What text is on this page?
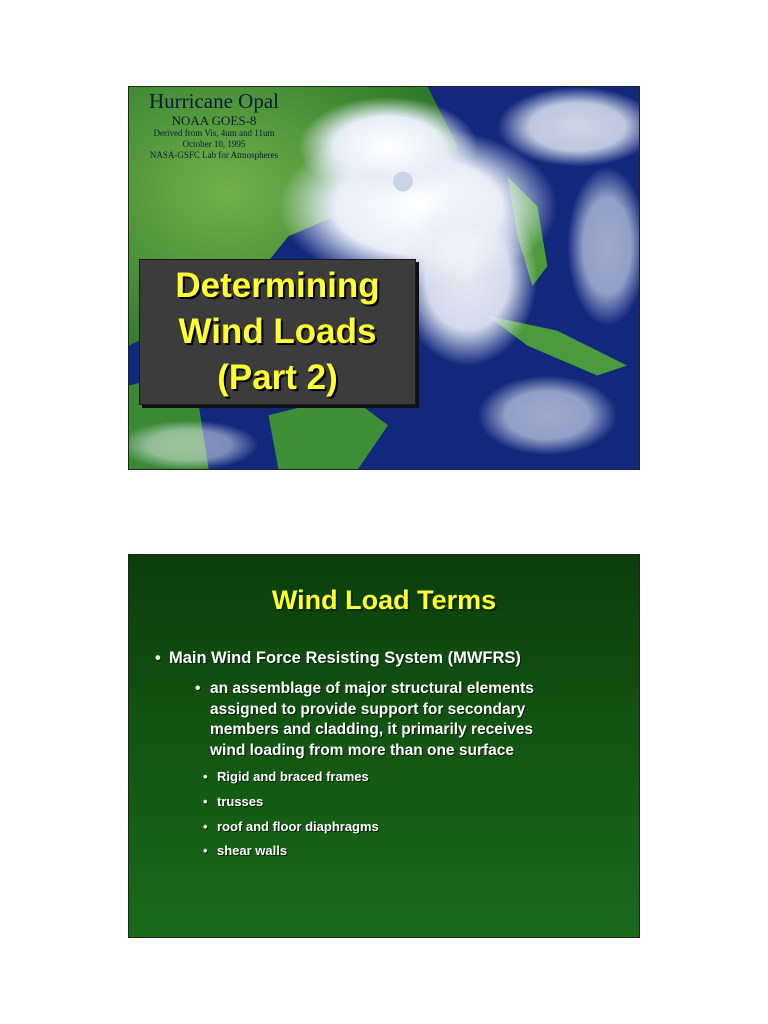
Hurricane Opal
NOAA GOES-8
Derived from Vis, 4um and 11um
October 10, 1995
NASA-GSFC Lab for Atmospheres
Determining
Wind Loads
(Part 2)
Wind Load Terms
• Main Wind Force Resisting System (MWFRS)
• an assemblage of major structural elements
assigned to provide support for secondary
members and cladding, it primarily receives
wind loading from more than one surface
• Rigid and braced frames
• trusses
• roof and floor diaphragms
• shear walls
